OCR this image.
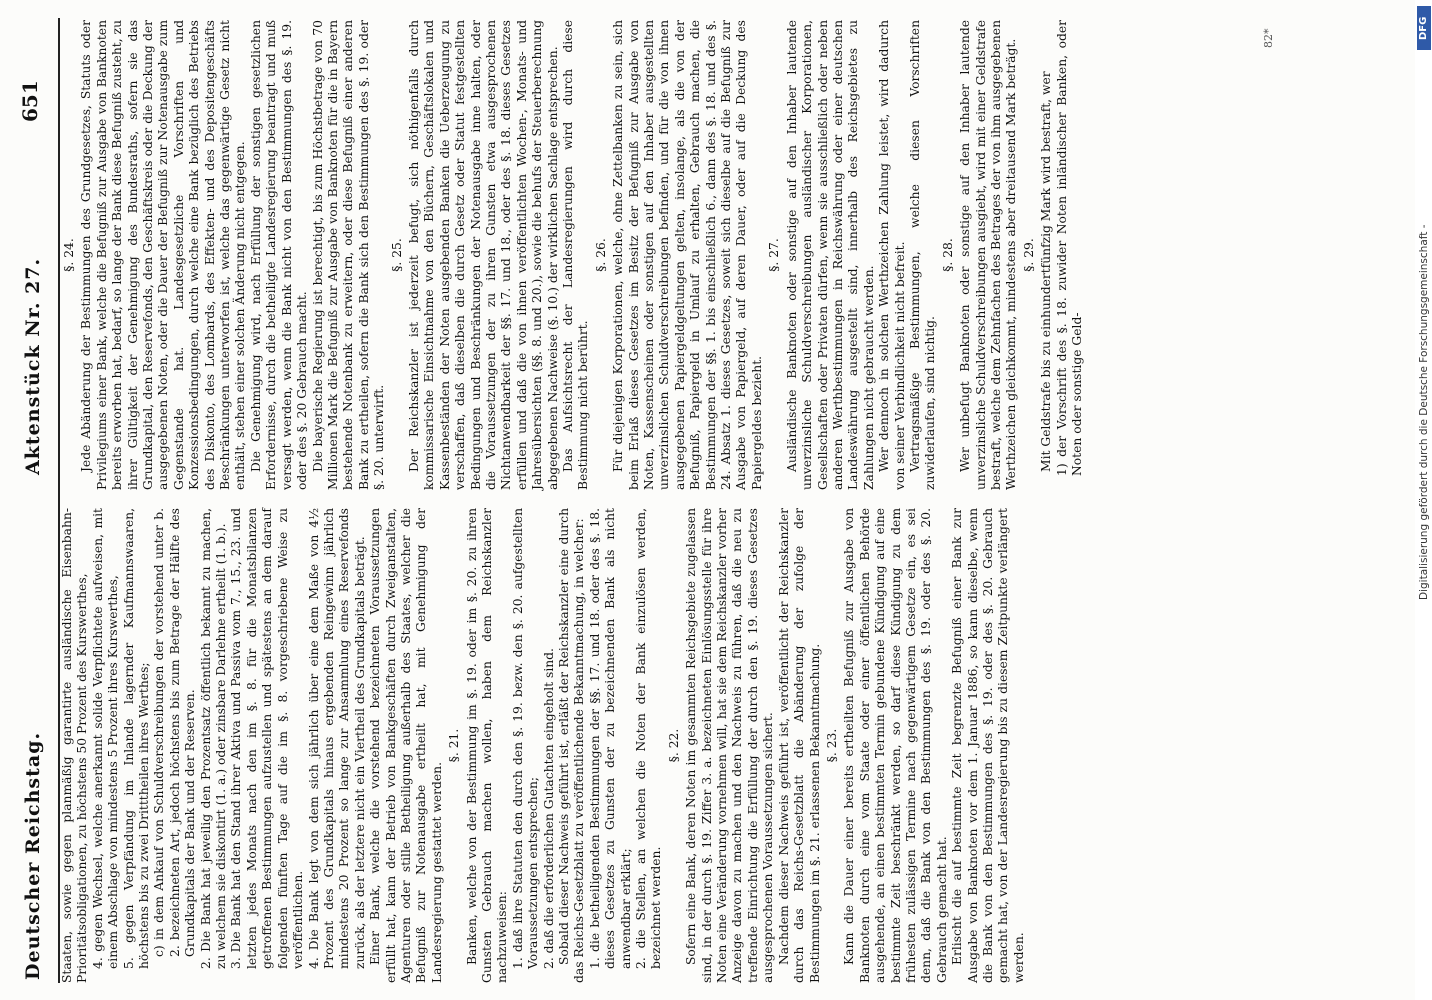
Deutscher Reichstag.
Aktenstück Nr. 27.
651

Staaten, sowie gegen planmäßig garantirte ausländische Eisenbahn-Prioritätsobligationen, zu höchstens 50 Prozent des Kurswerthes, 4. gegen Wechsel, welche anerkannt solide Verpflichtete aufweisen, mit einem Abschlage von mindestens 5 Prozent ihres Kurswerthes, 5. gegen Verpfändung im Inlande lagernder Kaufmannswaaren, höchstens bis zu zwei Dritttheilen ihres Werthes; c) in dem Ankauf von Schuldverschreibungen der vorstehend unter b. 2. bezeichneten Art, jedoch höchstens bis zum Betrage der Hälfte des Grundkapitals der Bank und der Reserven. 2. Die Bank hat jeweilig den Prozentsatz öffentlich bekannt zu machen, zu welchem sie diskontirt (1. a.) oder zinsbare Darlehne ertheilt (1. b.). 3. Die Bank hat den Stand ihrer Aktiva und Passiva vom 7., 15., 23. und letzten jedes Monats nach den im §. 8. für die Monatsbilanzen getroffenen Bestimmungen aufzustellen und spätestens an dem darauf folgenden fünften Tage auf die im §. 8. vorgeschriebene Weise zu veröffentlichen. 4. Die Bank legt von dem sich jährlich über eine dem Maße von 4½ Prozent des Grundkapitals hinaus ergebenden Reingewinn jährlich mindestens 20 Prozent so lange zur Ansammlung eines Reservefonds zurück, als der letztere nicht ein Viertheil des Grundkapitals beträgt. Einer Bank, welche die vorstehend bezeichneten Voraussetzungen erfüllt hat, kann der Betrieb von Bankgeschäften durch Zweiganstalten, Agenturen oder stille Betheiligung außerhalb des Staates, welcher die Befugniß zur Notenausgabe ertheilt hat, mit Genehmigung der Landesregierung gestattet werden.

§. 21. Banken, welche von der Bestimmung im §. 19. oder im §. 20. zu ihren Gunsten Gebrauch machen wollen, haben dem Reichskanzler nachzuweisen: 1. daß ihre Statuten den durch den §. 19. bezw. den §. 20. aufgestellten Voraussetzungen entsprechen; 2. daß die erforderlichen Gutachten eingeholt sind. Sobald dieser Nachweis geführt ist, erläßt der Reichskanzler eine durch das Reichs-Gesetzblatt zu veröffentlichende Bekanntmachung, in welcher: 1. die betheiligenden Bestimmungen der §§. 17. und 18. oder des §. 18. dieses Gesetzes zu Gunsten der zu bezeichnenden Bank als nicht anwendbar erklärt; 2. die Stellen, an welchen die Noten der Bank einzulösen werden, bezeichnet werden.

§. 22. Sofern eine Bank, deren Noten im gesammten Reichsgebiete zugelassen sind, in der durch §. 19. Ziffer 3. a. bezeichneten Einlösungsstelle für ihre Noten eine Veränderung vornehmen will, hat sie dem Reichskanzler vorher Anzeige davon zu machen und den Nachweis zu führen, daß die neu zu treffende Einrichtung die Erfüllung der durch den §. 19. dieses Gesetzes ausgesprochenen Voraussetzungen sichert. Nachdem dieser Nachweis geführt ist, veröffentlicht der Reichskanzler durch das Reichs-Gesetzblatt die Abänderung der zufolge der Bestimmungen im §. 21. erlassenen Bekanntmachung. §. 23. Kann die Dauer einer bereits ertheilten Befugniß zur Ausgabe von Banknoten durch eine vom Staate oder einer öffentlichen Behörde ausgehende, an einen bestimmten Termin gebundene Kündigung auf eine bestimmte Zeit beschränkt werden, so darf diese Kündigung zu dem frühesten zulässigen Termine nach gegenwärtigem Gesetze ein, es sei denn, daß die Bank von den Bestimmungen des §. 19. oder des §. 20. Gebrauch gemacht hat. Erlischt die auf bestimmte Zeit begrenzte Befugniß einer Bank zur Ausgabe von Banknoten vor dem 1. Januar 1886, so kann dieselbe, wenn die Bank von den Bestimmungen des §. 19. oder des §. 20. Gebrauch gemacht hat, von der Landesregierung bis zu diesem Zeitpunkte verlängert werden.

§. 24. Jede Abänderung der Bestimmungen des Grundgesetzes, Statuts oder Privilegiums einer Bank, welche die Befugniß zur Ausgabe von Banknoten bereits erworben hat, bedarf, so lange der Bank diese Befugniß zusteht, zu ihrer Gültigkeit der Genehmigung des Bundesraths, sofern sie das Grundkapital, den Reservefonds, den Geschäftskreis oder die Deckung der ausgegebenen Noten, oder die Dauer der Befugniß zur Notenausgabe zum Gegenstande hat. Landesgesetzliche Vorschriften und Konzessionsbedingungen, durch welche eine Bank bezüglich des Betriebs des Diskonto, des Lombards, des Effekten- und des Depositengeschäfts Beschränkungen unterworfen ist, welche das gegenwärtige Gesetz nicht enthält, stehen einer solchen Änderung nicht entgegen. Die Genehmigung wird, nach Erfüllung der sonstigen gesetzlichen Erfordernisse, durch die betheiligte Landesregierung beantragt und muß versagt werden, wenn die Bank nicht von den Bestimmungen des §. 19. oder des §. 20 Gebrauch macht. Die bayerische Regierung ist berechtigt, bis zum Höchstbetrage von 70 Millionen Mark die Befugniß zur Ausgabe von Banknoten für die in Bayern bestehende Notenbank zu erweitern, oder diese Befugniß einer anderen Bank zu ertheilen, sofern die Bank sich den Bestimmungen des §. 19. oder §. 20. unterwirft.

§. 25. Der Reichskanzler ist jederzeit befugt, sich nöthigenfalls durch kommissarische Einsichtnahme von den Büchern, Geschäftslokalen und Kassenbeständen der Noten ausgebenden Banken die Ueberzeugung zu verschaffen, daß dieselben die durch Gesetz oder Statut festgestellten Bedingungen und Beschränkungen der Notenausgabe inne halten, oder die Voraussetzungen der zu ihren Gunsten etwa ausgesprochenen Nichtanwendbarkeit der §§. 17. und 18., oder des §. 18. dieses Gesetzes erfüllen und daß die von ihnen veröffentlichten Wochen-, Monats- und Jahresübersichten (§§. 8. und 20.), sowie die behufs der Steuerberechnung abgegebenen Nachweise (§. 10.) der wirklichen Sachlage entsprechen. Das Aufsichtsrecht der Landesregierungen wird durch diese Bestimmung nicht berührt.

§. 26. Für diejenigen Korporationen, welche, ohne Zettelbanken zu sein, sich beim Erlaß dieses Gesetzes im Besitz der Befugniß zur Ausgabe von Noten, Kassenscheinen oder sonstigen auf den Inhaber ausgestellten unverzinslichen Schuldverschreibungen befinden, und für die von ihnen ausgegebenen Papiergeldgeltungen gelten, insolange, als die von der Befugniß, Papiergeld in Umlauf zu erhalten, Gebrauch machen, die Bestimmungen der §§. 1. bis einschließlich 6., dann des §. 18. und des §. 24. Absatz 1. dieses Gesetzes, soweit sich dieselbe auf die Befugniß zur Ausgabe von Papiergeld, auf deren Dauer, oder auf die Deckung des Papiergeldes bezieht.

§. 27. Ausländische Banknoten oder sonstige auf den Inhaber lautende unverzinsliche Schuldverschreibungen ausländischer Korporationen, Gesellschaften oder Privaten dürfen, wenn sie ausschließlich oder neben anderen Werthbestimmungen in Reichswährung oder einer deutschen Landeswährung ausgestellt sind, innerhalb des Reichsgebietes zu Zahlungen nicht gebraucht werden. Wer dennoch in solchen Werthzeichen Zahlung leistet, wird dadurch von seiner Verbindlichkeit nicht befreit. Vertragsmäßige Bestimmungen, welche diesen Vorschriften zuwiderlaufen, sind nichtig.

§. 28. Wer unbefugt Banknoten oder sonstige auf den Inhaber lautende unverzinsliche Schuldverschreibungen ausgiebt, wird mit einer Geldstrafe bestraft, welche dem Zehnfachen des Betrages der von ihm ausgegebenen Werthzeichen gleichkommt, mindestens aber dreitausend Mark beträgt. §. 29. Mit Geldstrafe bis zu einhundertfünfzig Mark wird bestraft, wer 1) der Vorschrift des §. 18. zuwider Noten inländischer Banken, oder Noten oder sonstige Geld-

82*	DFG
Digitalisierung gefördert durch die Deutsche Forschungsgemeinschaft -
